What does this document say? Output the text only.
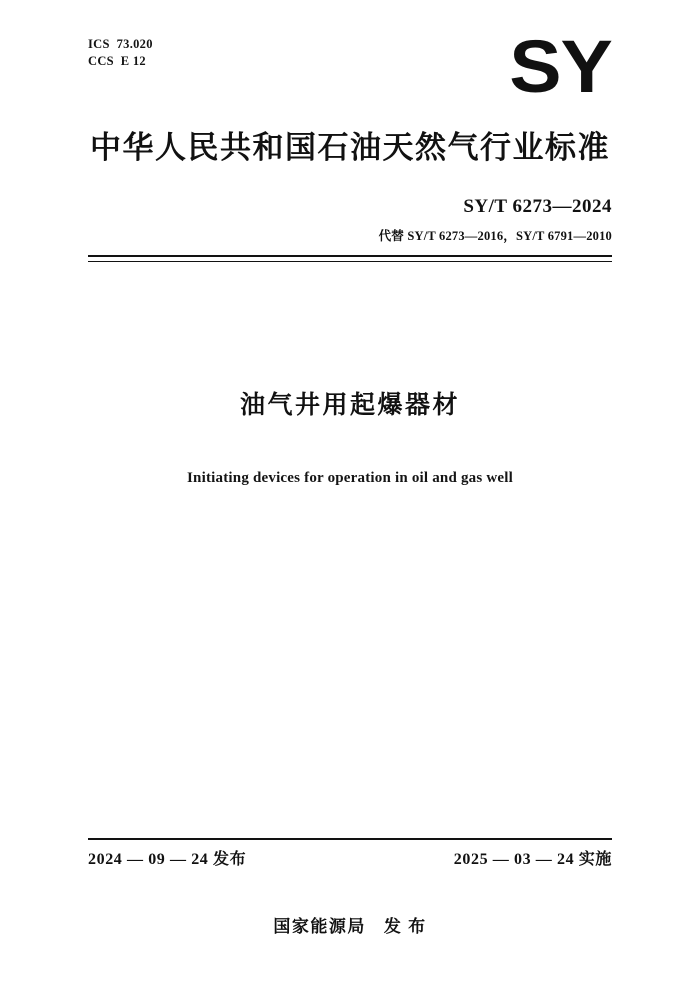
ICS  73.020
CCS  E 12	SY
中华人民共和国石油天然气行业标准
SY/T 6273—2024
代替 SY/T 6273—2016，SY/T 6791—2010
油气井用起爆器材
Initiating devices for operation in oil and gas well
2024 — 09 — 24 发布	2025 — 03 — 24 实施
国家能源局 发 布
